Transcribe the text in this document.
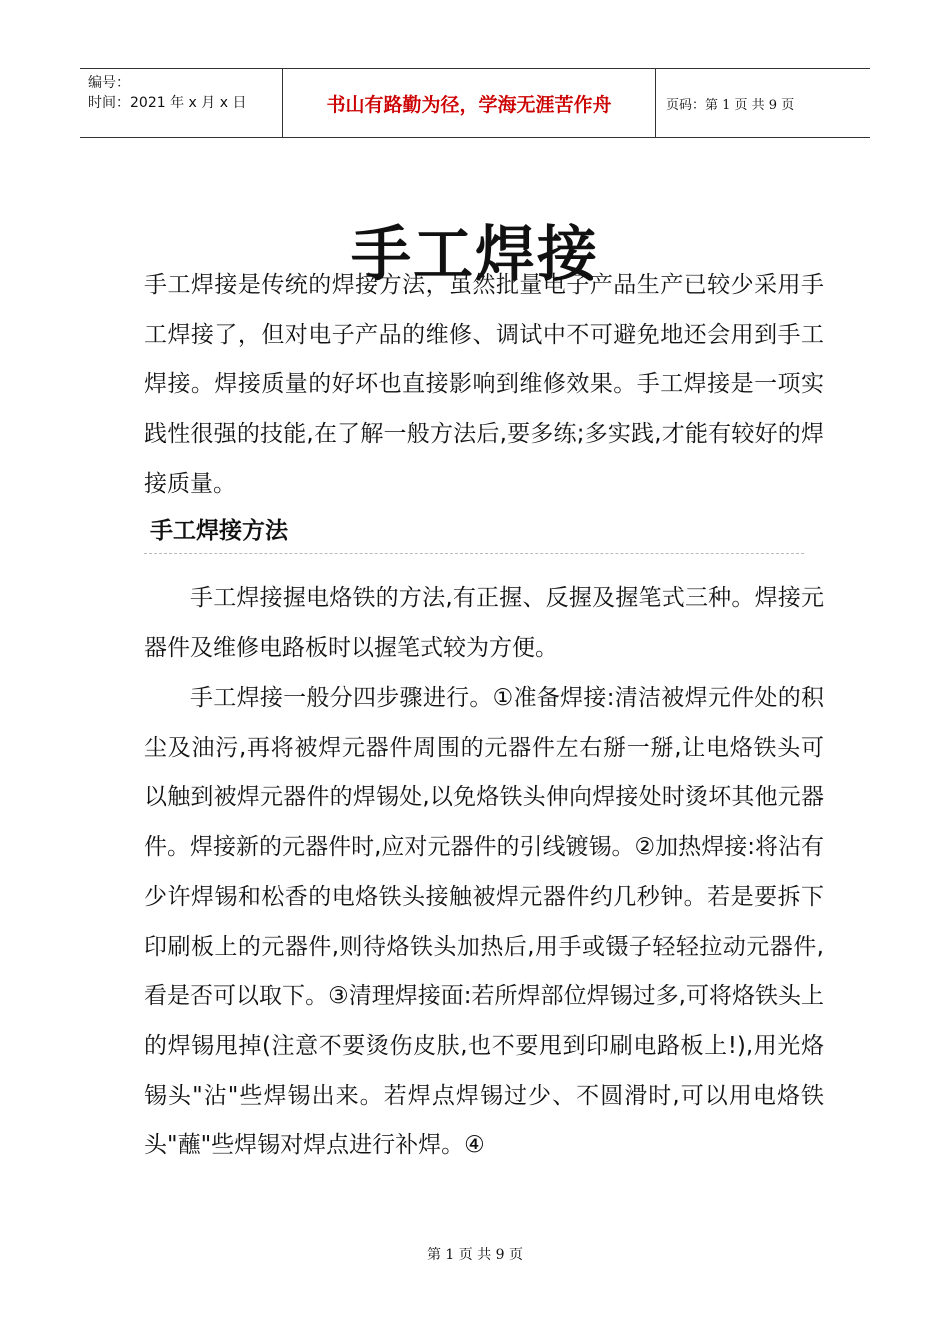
编号：
时间：2021 年 x 月 x 日	书山有路勤为径，学海无涯苦作舟	页码：第 1 页 共 9 页
手工焊接

手工焊接是传统的焊接方法，虽然批量电子产品生产已较少采用手工焊接了，但对电子产品的维修、调试中不可避免地还会用到手工焊接。焊接质量的好坏也直接影响到维修效果。手工焊接是一项实践性很强的技能,在了解一般方法后,要多练;多实践,才能有较好的焊接质量。

手工焊接方法

手工焊接握电烙铁的方法,有正握、反握及握笔式三种。焊接元器件及维修电路板时以握笔式较为方便。

手工焊接一般分四步骤进行。①准备焊接:清洁被焊元件处的积尘及油污,再将被焊元器件周围的元器件左右掰一掰,让电烙铁头可以触到被焊元器件的焊锡处,以免烙铁头伸向焊接处时烫坏其他元器件。焊接新的元器件时,应对元器件的引线镀锡。②加热焊接:将沾有少许焊锡和松香的电烙铁头接触被焊元器件约几秒钟。若是要拆下印刷板上的元器件,则待烙铁头加热后,用手或镊子轻轻拉动元器件,看是否可以取下。③清理焊接面:若所焊部位焊锡过多,可将烙铁头上的焊锡甩掉(注意不要烫伤皮肤,也不要甩到印刷电路板上!),用光烙锡头"沾"些焊锡出来。若焊点焊锡过少、不圆滑时,可以用电烙铁头"蘸"些焊锡对焊点进行补焊。④

第 1 页 共 9 页
